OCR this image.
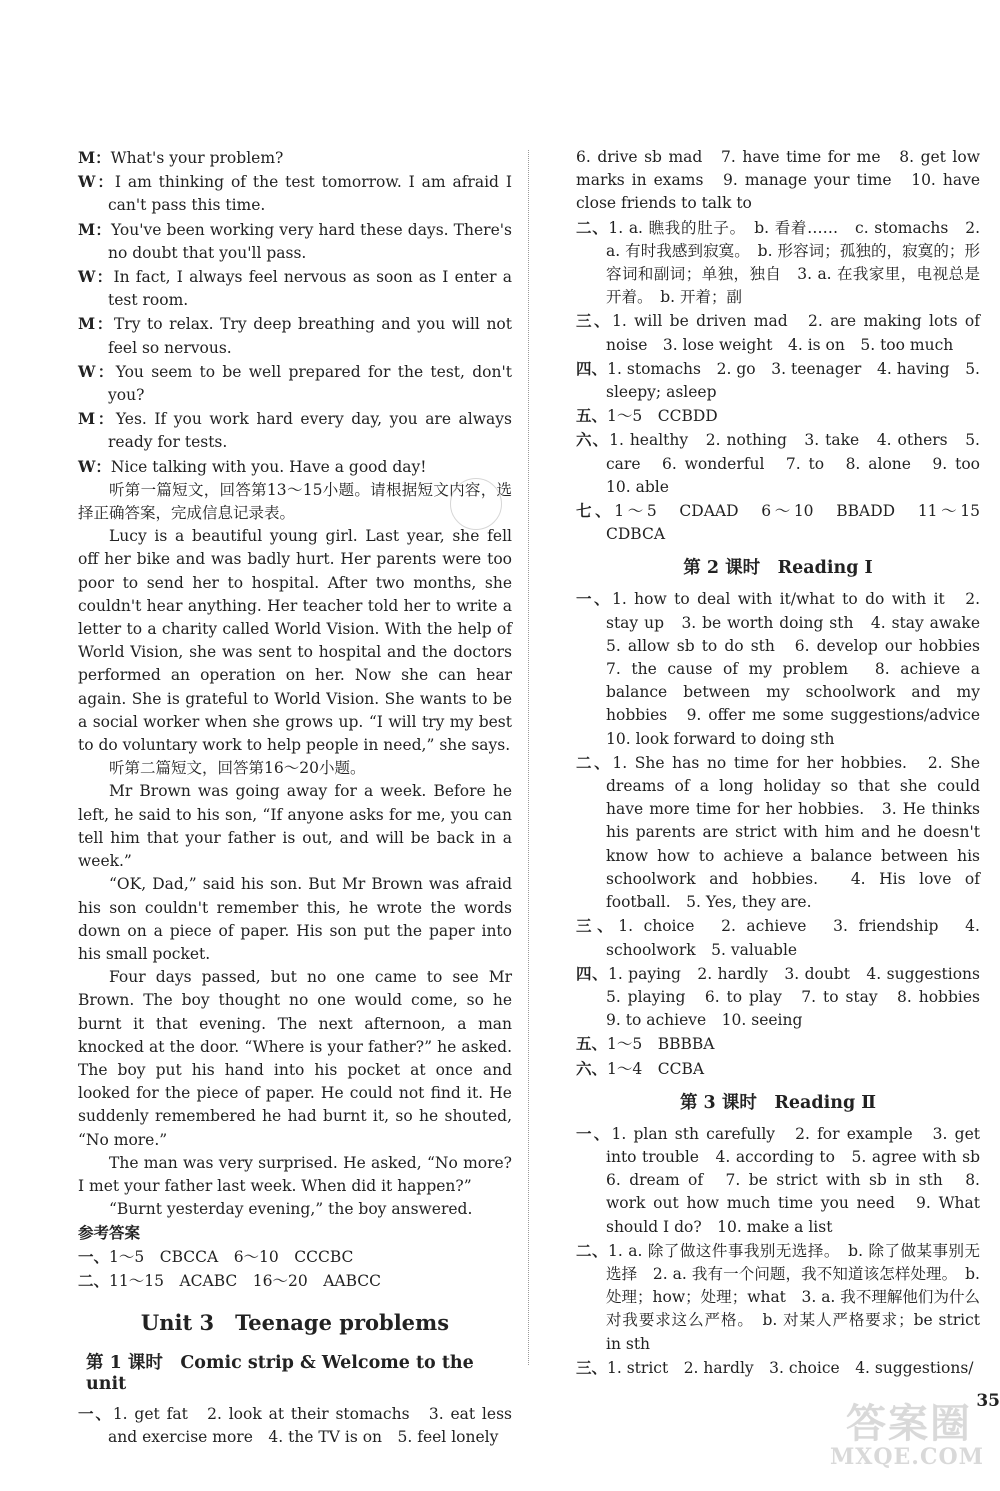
M：What's your problem?

W：I am thinking of the test tomorrow. I am afraid I can't pass this time.

M：You've been working very hard these days. There's no doubt that you'll pass.

W：In fact, I always feel nervous as soon as I enter a test room.

M：Try to relax. Try deep breathing and you will not feel so nervous.

W：You seem to be well prepared for the test, don't you?

M：Yes. If you work hard every day, you are always ready for tests.

W：Nice talking with you. Have a good day!

听第一篇短文，回答第13～15小题。请根据短文内容，选择正确答案，完成信息记录表。

Lucy is a beautiful young girl. Last year, she fell off her bike and was badly hurt. Her parents were too poor to send her to hospital. After two months, she couldn't hear anything. Her teacher told her to write a letter to a charity called World Vision. With the help of World Vision, she was sent to hospital and the doctors performed an operation on her. Now she can hear again. She is grateful to World Vision. She wants to be a social worker when she grows up. “I will try my best to do voluntary work to help people in need,” she says.

听第二篇短文，回答第16～20小题。

Mr Brown was going away for a week. Before he left, he said to his son, “If anyone asks for me, you can tell him that your father is out, and will be back in a week.”

“OK, Dad,” said his son. But Mr Brown was afraid his son couldn't remember this, he wrote the words down on a piece of paper. His son put the paper into his small pocket.

Four days passed, but no one came to see Mr Brown. The boy thought no one would come, so he burnt it that evening. The next afternoon, a man knocked at the door. “Where is your father?” he asked. The boy put his hand into his pocket at once and looked for the piece of paper. He could not find it. He suddenly remembered he had burnt it, so he shouted, “No more.”

The man was very surprised. He asked, “No more? I met your father last week. When did it happen?”

“Burnt yesterday evening,” the boy answered.

参考答案

一、1～5　CBCCA　6～10　CCCBC

二、11～15　ACABC　16～20　AABCC

Unit 3　Teenage problems
第 1 课时　Comic strip & Welcome to the unit

一、1. get fat　2. look at their stomachs　3. eat less and exercise more　4. the TV is on　5. feel lonely

6. drive sb mad　7. have time for me　8. get low marks in exams　9. manage your time　10. have close friends to talk to

二、1. a. 瞧我的肚子。　b. 看着……　c. stomachs　2. a. 有时我感到寂寞。　b. 形容词；孤独的，寂寞的；形容词和副词；单独，独自　3. a. 在我家里，电视总是开着。　b. 开着；副

三、1. will be driven mad　2. are making lots of noise　3. lose weight　4. is on　5. too much

四、1. stomachs　2. go　3. teenager　4. having　5. sleepy; asleep

五、1～5　CCBDD

六、1. healthy　2. nothing　3. take　4. others　5. care　6. wonderful　7. to　8. alone　9. too　10. able

七、1～5　CDAAD　6～10　BBADD　11～15　CDBCA

第 2 课时　Reading Ⅰ

一、1. how to deal with it/what to do with it　2. stay up　3. be worth doing sth　4. stay awake　5. allow sb to do sth　6. develop our hobbies　7. the cause of my problem　8. achieve a balance between my schoolwork and my hobbies　9. offer me some suggestions/advice　10. look forward to doing sth

二、1. She has no time for her hobbies.　2. She dreams of a long holiday so that she could have more time for her hobbies.　3. He thinks his parents are strict with him and he doesn't know how to achieve a balance between his schoolwork and hobbies.　4. His love of football.　5. Yes, they are.

三、1. choice　2. achieve　3. friendship　4. schoolwork　5. valuable

四、1. paying　2. hardly　3. doubt　4. suggestions　5. playing　6. to play　7. to stay　8. hobbies　9. to achieve　10. seeing

五、1～5　BBBBA

六、1～4　CCBA

第 3 课时　Reading Ⅱ

一、1. plan sth carefully　2. for example　3. get into trouble　4. according to　5. agree with sb　6. dream of　7. be strict with sb in sth　8. work out how much time you need　9. What should I do?　10. make a list

二、1. a. 除了做这件事我别无选择。　b. 除了做某事别无选择　2. a. 我有一个问题，我不知道该怎样处理。　b. 处理；how；处理；what　3. a. 我不理解他们为什么对我要求这么严格。　b. 对某人严格要求；be strict in sth

三、1. strict　2. hardly　3. choice　4. suggestions/

35
答案圈
MXQE.COM
